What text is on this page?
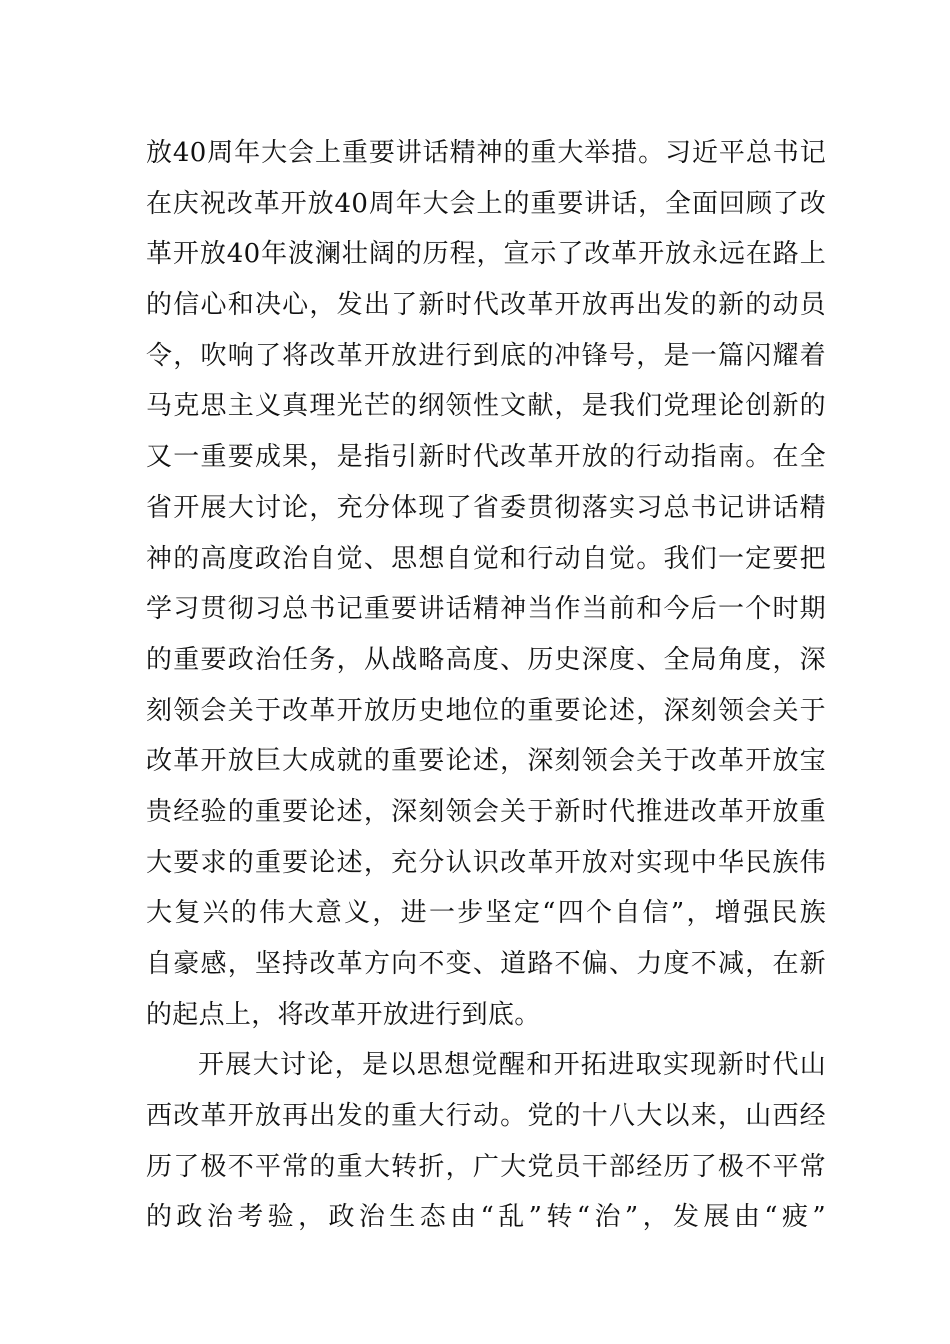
放40周年大会上重要讲话精神的重大举措。习近平总书记
在庆祝改革开放40周年大会上的重要讲话，全面回顾了改
革开放40年波澜壮阔的历程，宣示了改革开放永远在路上
的信心和决心，发出了新时代改革开放再出发的新的动员
令，吹响了将改革开放进行到底的冲锋号，是一篇闪耀着
马克思主义真理光芒的纲领性文献，是我们党理论创新的
又一重要成果，是指引新时代改革开放的行动指南。在全
省开展大讨论，充分体现了省委贯彻落实习总书记讲话精
神的高度政治自觉、思想自觉和行动自觉。我们一定要把
学习贯彻习总书记重要讲话精神当作当前和今后一个时期
的重要政治任务，从战略高度、历史深度、全局角度，深
刻领会关于改革开放历史地位的重要论述，深刻领会关于
改革开放巨大成就的重要论述，深刻领会关于改革开放宝
贵经验的重要论述，深刻领会关于新时代推进改革开放重
大要求的重要论述，充分认识改革开放对实现中华民族伟
大复兴的伟大意义，进一步坚定“四个自信”，增强民族
自豪感，坚持改革方向不变、道路不偏、力度不减，在新
的起点上，将改革开放进行到底。
开展大讨论，是以思想觉醒和开拓进取实现新时代山
西改革开放再出发的重大行动。党的十八大以来，山西经
历了极不平常的重大转折，广大党员干部经历了极不平常
的政治考验，政治生态由“乱”转“治”，发展由“疲”
